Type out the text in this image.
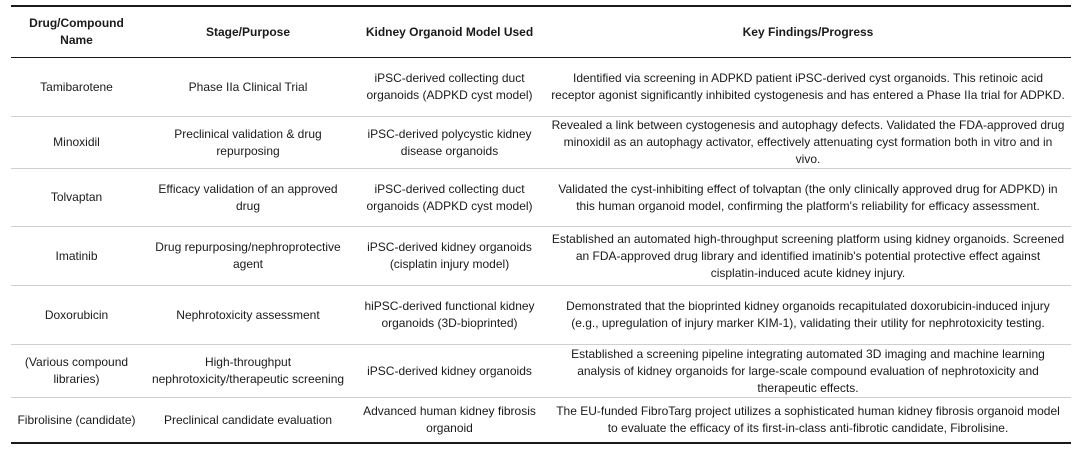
Drug/Compound Name	Stage/Purpose	Kidney Organoid Model Used	Key Findings/Progress
Tamibarotene	Phase IIa Clinical Trial	iPSC-derived collecting duct organoids (ADPKD cyst model)	Identified via screening in ADPKD patient iPSC-derived cyst organoids. This retinoic acid receptor agonist significantly inhibited cystogenesis and has entered a Phase IIa trial for ADPKD.
Minoxidil	Preclinical validation & drug repurposing	iPSC-derived polycystic kidney disease organoids	Revealed a link between cystogenesis and autophagy defects. Validated the FDA-approved drug minoxidil as an autophagy activator, effectively attenuating cyst formation both in vitro and in vivo.
Tolvaptan	Efficacy validation of an approved drug	iPSC-derived collecting duct organoids (ADPKD cyst model)	Validated the cyst-inhibiting effect of tolvaptan (the only clinically approved drug for ADPKD) in this human organoid model, confirming the platform's reliability for efficacy assessment.
Imatinib	Drug repurposing/nephroprotective agent	iPSC-derived kidney organoids (cisplatin injury model)	Established an automated high-throughput screening platform using kidney organoids. Screened an FDA-approved drug library and identified imatinib's potential protective effect against cisplatin-induced acute kidney injury.
Doxorubicin	Nephrotoxicity assessment	hiPSC-derived functional kidney organoids (3D-bioprinted)	Demonstrated that the bioprinted kidney organoids recapitulated doxorubicin-induced injury (e.g., upregulation of injury marker KIM-1), validating their utility for nephrotoxicity testing.
(Various compound libraries)	High-throughput nephrotoxicity/therapeutic screening	iPSC-derived kidney organoids	Established a screening pipeline integrating automated 3D imaging and machine learning analysis of kidney organoids for large-scale compound evaluation of nephrotoxicity and therapeutic effects.
Fibrolisine (candidate)	Preclinical candidate evaluation	Advanced human kidney fibrosis organoid	The EU-funded FibroTarg project utilizes a sophisticated human kidney fibrosis organoid model to evaluate the efficacy of its first-in-class anti-fibrotic candidate, Fibrolisine.
